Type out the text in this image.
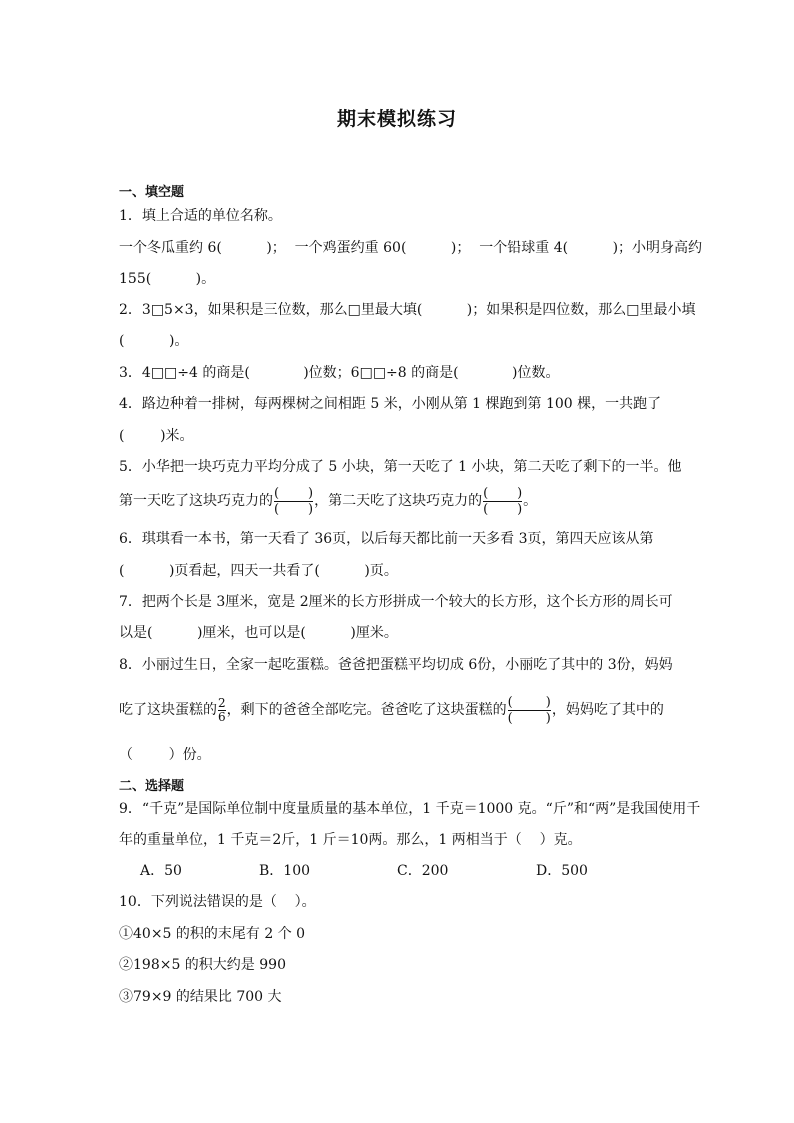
期末模拟练习
一、填空题
1．填上合适的单位名称。
一个冬瓜重约 6(          )；  一个鸡蛋约重 60(          )；  一个铅球重 4(          )；小明身高约
155(          )。
2．3□5×3，如果积是三位数，那么□里最大填(          )；如果积是四位数，那么□里最小填
(          )。
3．4□□÷4 的商是(            )位数；6□□÷8 的商是(            )位数。
4．路边种着一排树，每两棵树之间相距 5 米，小刚从第 1 棵跑到第 100 棵，一共跑了
(        )米。
5．小华把一块巧克力平均分成了 5 小块，第一天吃了 1 小块，第二天吃了剩下的一半。他
第一天吃了这块巧克力的 $\frac{( )}{( )}$ ，第二天吃了这块巧克力的 $\frac{( )}{( )}$ 。
6．琪琪看一本书，第一天看了 36页，以后每天都比前一天多看 3页，第四天应该从第
(          )页看起，四天一共看了(          )页。
7．把两个长是 3厘米，宽是 2厘米的长方形拼成一个较大的长方形，这个长方形的周长可
以是(          )厘米，也可以是(          )厘米。
8．小丽过生日，全家一起吃蛋糕。爸爸把蛋糕平均切成 6份，小丽吃了其中的 3份，妈妈
吃了这块蛋糕的 $\frac{2}{6}$ ，剩下的爸爸全部吃完。爸爸吃了这块蛋糕的 $\frac{( )}{( )}$ ，妈妈吃了其中的
（        ）份。
二、选择题
9．“千克”是国际单位制中度量质量的基本单位，1 千克＝1000 克。“斤”和“两”是我国使用千
年的重量单位，1 千克＝2斤，1 斤＝10两。那么，1 两相当于（    ）克。
A．50	B．100	C．200	D．500
10．下列说法错误的是（    ）。
①40×5 的积的末尾有 2 个 0
②198×5 的积大约是 990
③79×9 的结果比 700 大
